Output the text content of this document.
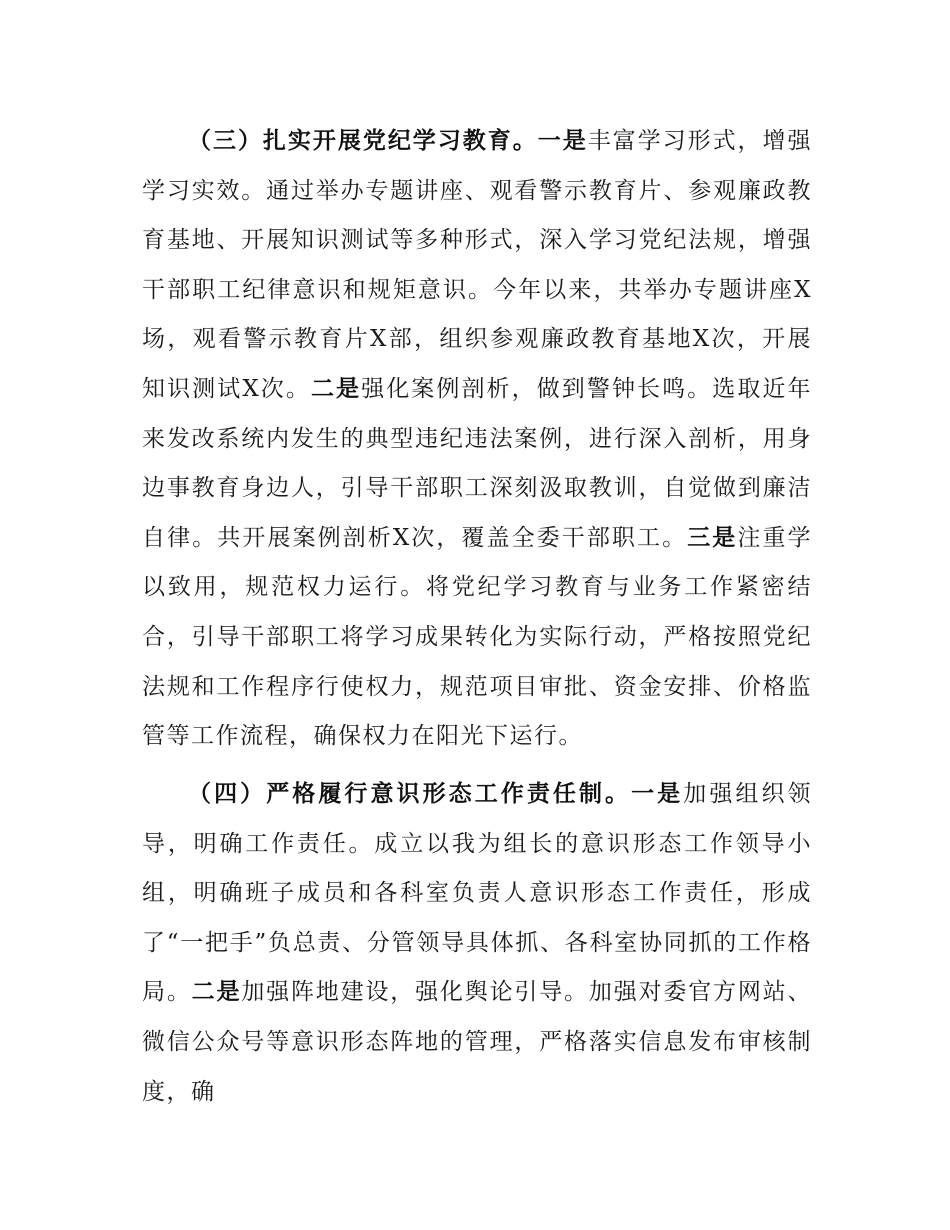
（三）扎实开展党纪学习教育。一是丰富学习形式，增强学习实效。通过举办专题讲座、观看警示教育片、参观廉政教育基地、开展知识测试等多种形式，深入学习党纪法规，增强干部职工纪律意识和规矩意识。今年以来，共举办专题讲座X场，观看警示教育片X部，组织参观廉政教育基地X次，开展知识测试X次。二是强化案例剖析，做到警钟长鸣。选取近年来发改系统内发生的典型违纪违法案例，进行深入剖析，用身边事教育身边人，引导干部职工深刻汲取教训，自觉做到廉洁自律。共开展案例剖析X次，覆盖全委干部职工。三是注重学以致用，规范权力运行。将党纪学习教育与业务工作紧密结合，引导干部职工将学习成果转化为实际行动，严格按照党纪法规和工作程序行使权力，规范项目审批、资金安排、价格监管等工作流程，确保权力在阳光下运行。

（四）严格履行意识形态工作责任制。一是加强组织领导，明确工作责任。成立以我为组长的意识形态工作领导小组，明确班子成员和各科室负责人意识形态工作责任，形成了“一把手”负总责、分管领导具体抓、各科室协同抓的工作格局。二是加强阵地建设，强化舆论引导。加强对委官方网站、微信公众号等意识形态阵地的管理，严格落实信息发布审核制度，确
